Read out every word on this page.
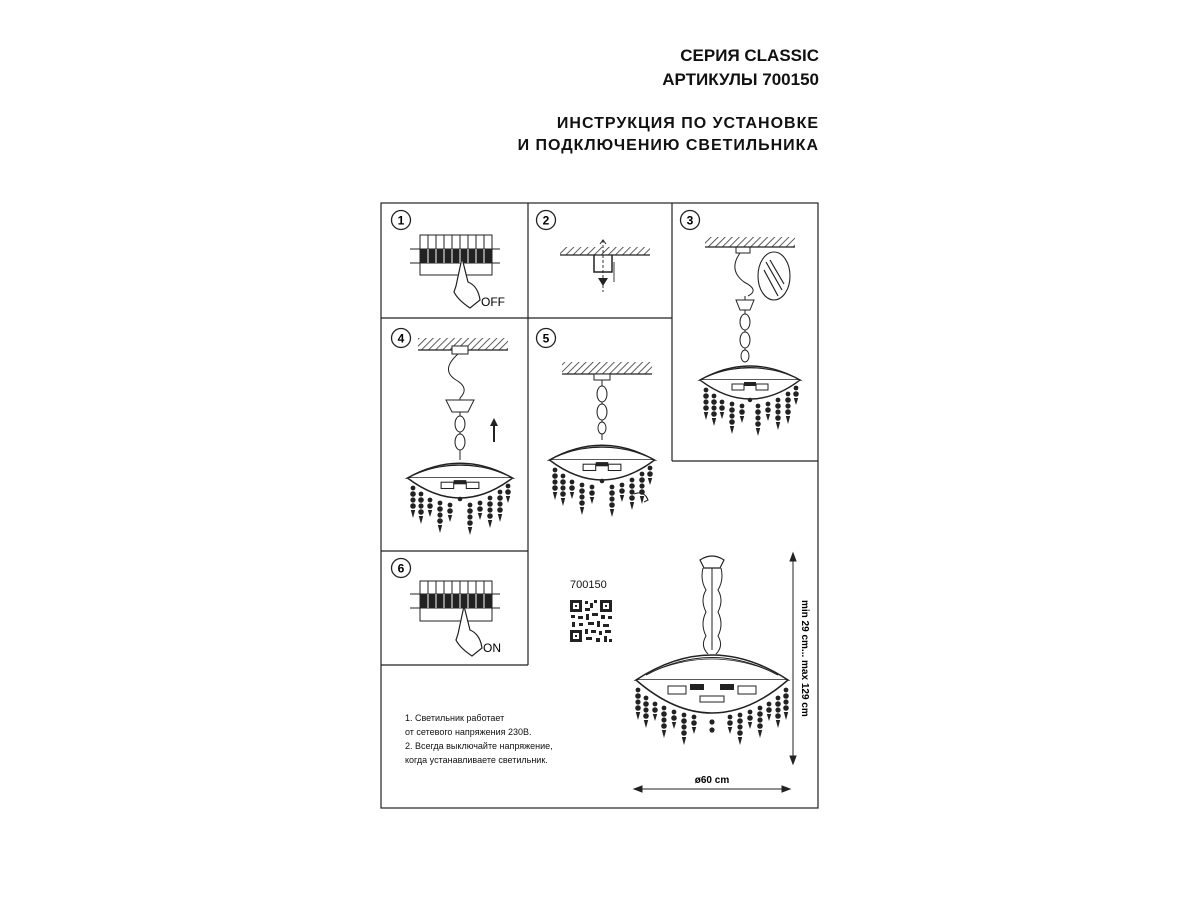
СЕРИЯ CLASSIC
АРТИКУЛЫ 700150
ИНСТРУКЦИЯ ПО УСТАНОВКЕ
И ПОДКЛЮЧЕНИЮ СВЕТИЛЬНИКА
1	2	3
4	5
6
OFF
ON	min 29 cm... max 129 cm
ø60 cm
700150
1. Светильник работает
от сетевого напряжения 230В.
2. Всегда выключайте напряжение,
когда устанавливаете светильник.
